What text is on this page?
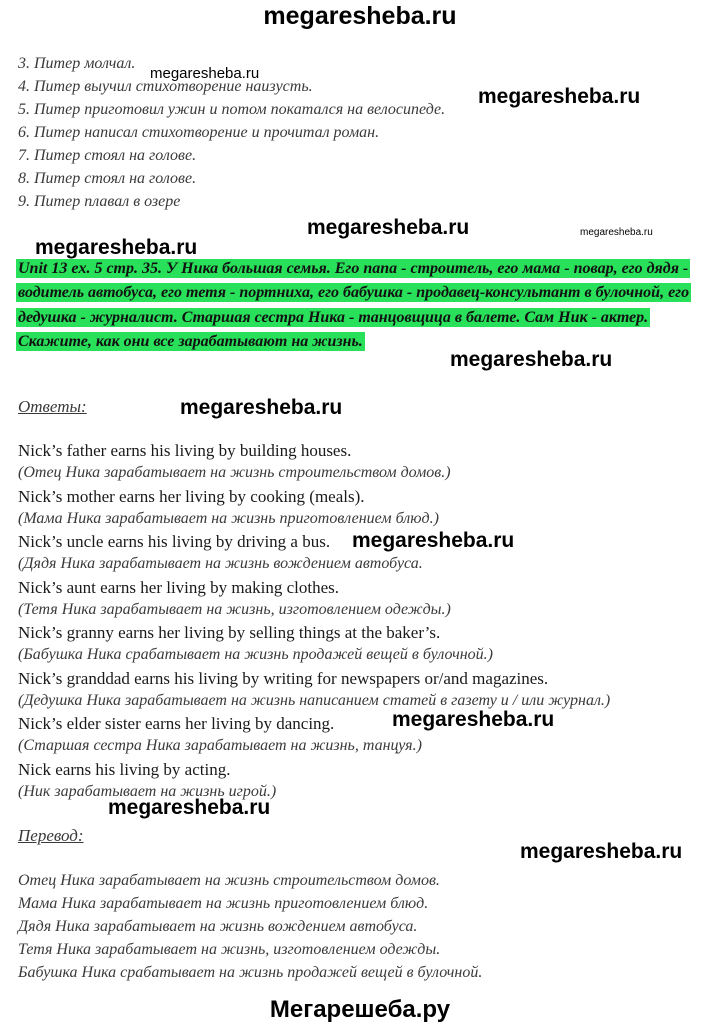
megaresheba.ru
3. Питер молчал.
4. Питер выучил стихотворение наизусть.
5. Питер приготовил ужин и потом покатался на велосипеде.
6. Питер написал стихотворение и прочитал роман.
7. Питер стоял на голове.
8. Питер стоял на голове.
9. Питер плавал в озере
Unit 13 ex. 5 стр. 35. У Ника большая семья. Его папа - строитель, его мама - повар, его дядя - водитель автобуса, его тетя - портниха, его бабушка - продавец-консультант в булочной, его дедушка - журналист. Старшая сестра Ника - танцовщица в балете. Сам Ник - актер. Скажите, как они все зарабатывают на жизнь.
Ответы:
Nick’s father earns his living by building houses.
(Отец Ника зарабатывает на жизнь строительством домов.)
Nick’s mother earns her living by cooking (meals).
(Мама Ника зарабатывает на жизнь приготовлением блюд.)
Nick’s uncle earns his living by driving a bus.
(Дядя Ника зарабатывает на жизнь вождением автобуса.
Nick’s aunt earns her living by making clothes.
(Тетя Ника зарабатывает на жизнь, изготовлением одежды.)
Nick’s granny earns her living by selling things at the baker’s.
(Бабушка Ника срабатывает на жизнь продажей вещей в булочной.)
Nick’s granddad earns his living by writing for newspapers or/and magazines.
(Дедушка Ника зарабатывает на жизнь написанием статей в газету и / или журнал.)
Nick’s elder sister earns her living by dancing.
(Старшая сестра Ника зарабатывает на жизнь, танцуя.)
Nick earns his living by acting.
(Ник зарабатывает на жизнь игрой.)
Перевод:
Отец Ника зарабатывает на жизнь строительством домов.
Мама Ника зарабатывает на жизнь приготовлением блюд.
Дядя Ника зарабатывает на жизнь вождением автобуса.
Тетя Ника зарабатывает на жизнь, изготовлением одежды.
Бабушка Ника срабатывает на жизнь продажей вещей в булочной.
megaresheba.ru
megaresheba.ru
megaresheba.ru	megaresheba.ru
megaresheba.ru
megaresheba.ru
megaresheba.ru
megaresheba.ru
megaresheba.ru
megaresheba.ru
megaresheba.ru
Мегарешеба.ру
